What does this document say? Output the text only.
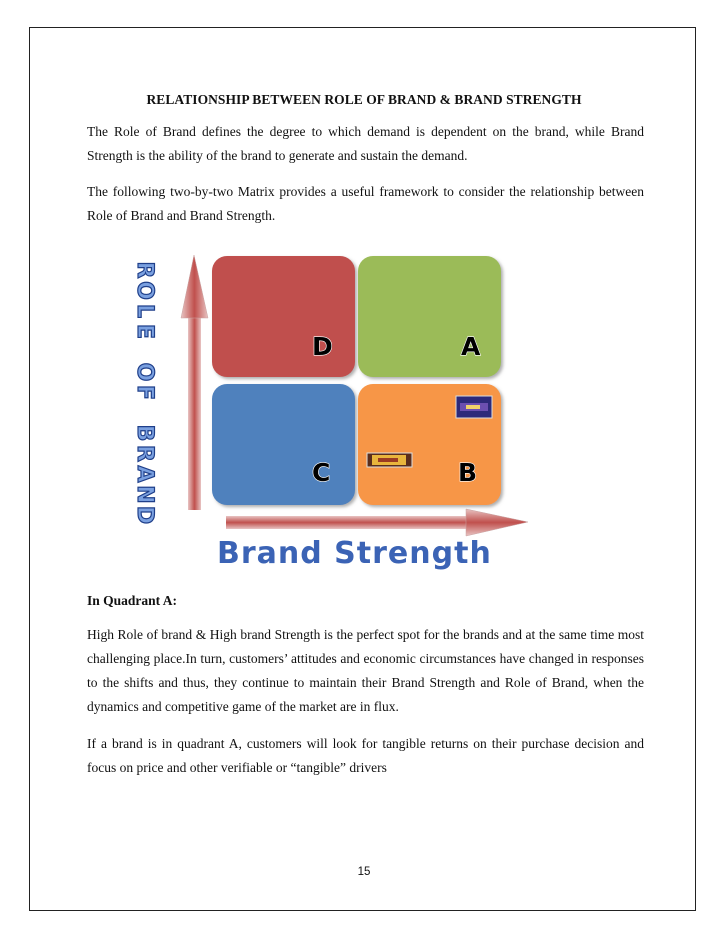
RELATIONSHIP BETWEEN ROLE OF BRAND & BRAND STRENGTH
The Role of Brand defines the degree to which demand is dependent on the brand, while Brand Strength is the ability of the brand to generate and sustain the demand.
The following two-by-two Matrix provides a useful framework to consider the relationship between Role of Brand and Brand Strength.
D	A
C	B
R
O
L
E
O
F
B
R
A
N
D
Brand Strength
In Quadrant A:
High Role of brand & High brand Strength is the perfect spot for the brands and at the same time most challenging place.In turn, customers’ attitudes and economic circumstances have changed in responses to the shifts and thus, they continue to maintain their Brand Strength and Role of Brand, when the dynamics and competitive game of the market are in flux.
If a brand is in quadrant A, customers will look for tangible returns on their purchase decision and focus on price and other verifiable or “tangible” drivers
15
